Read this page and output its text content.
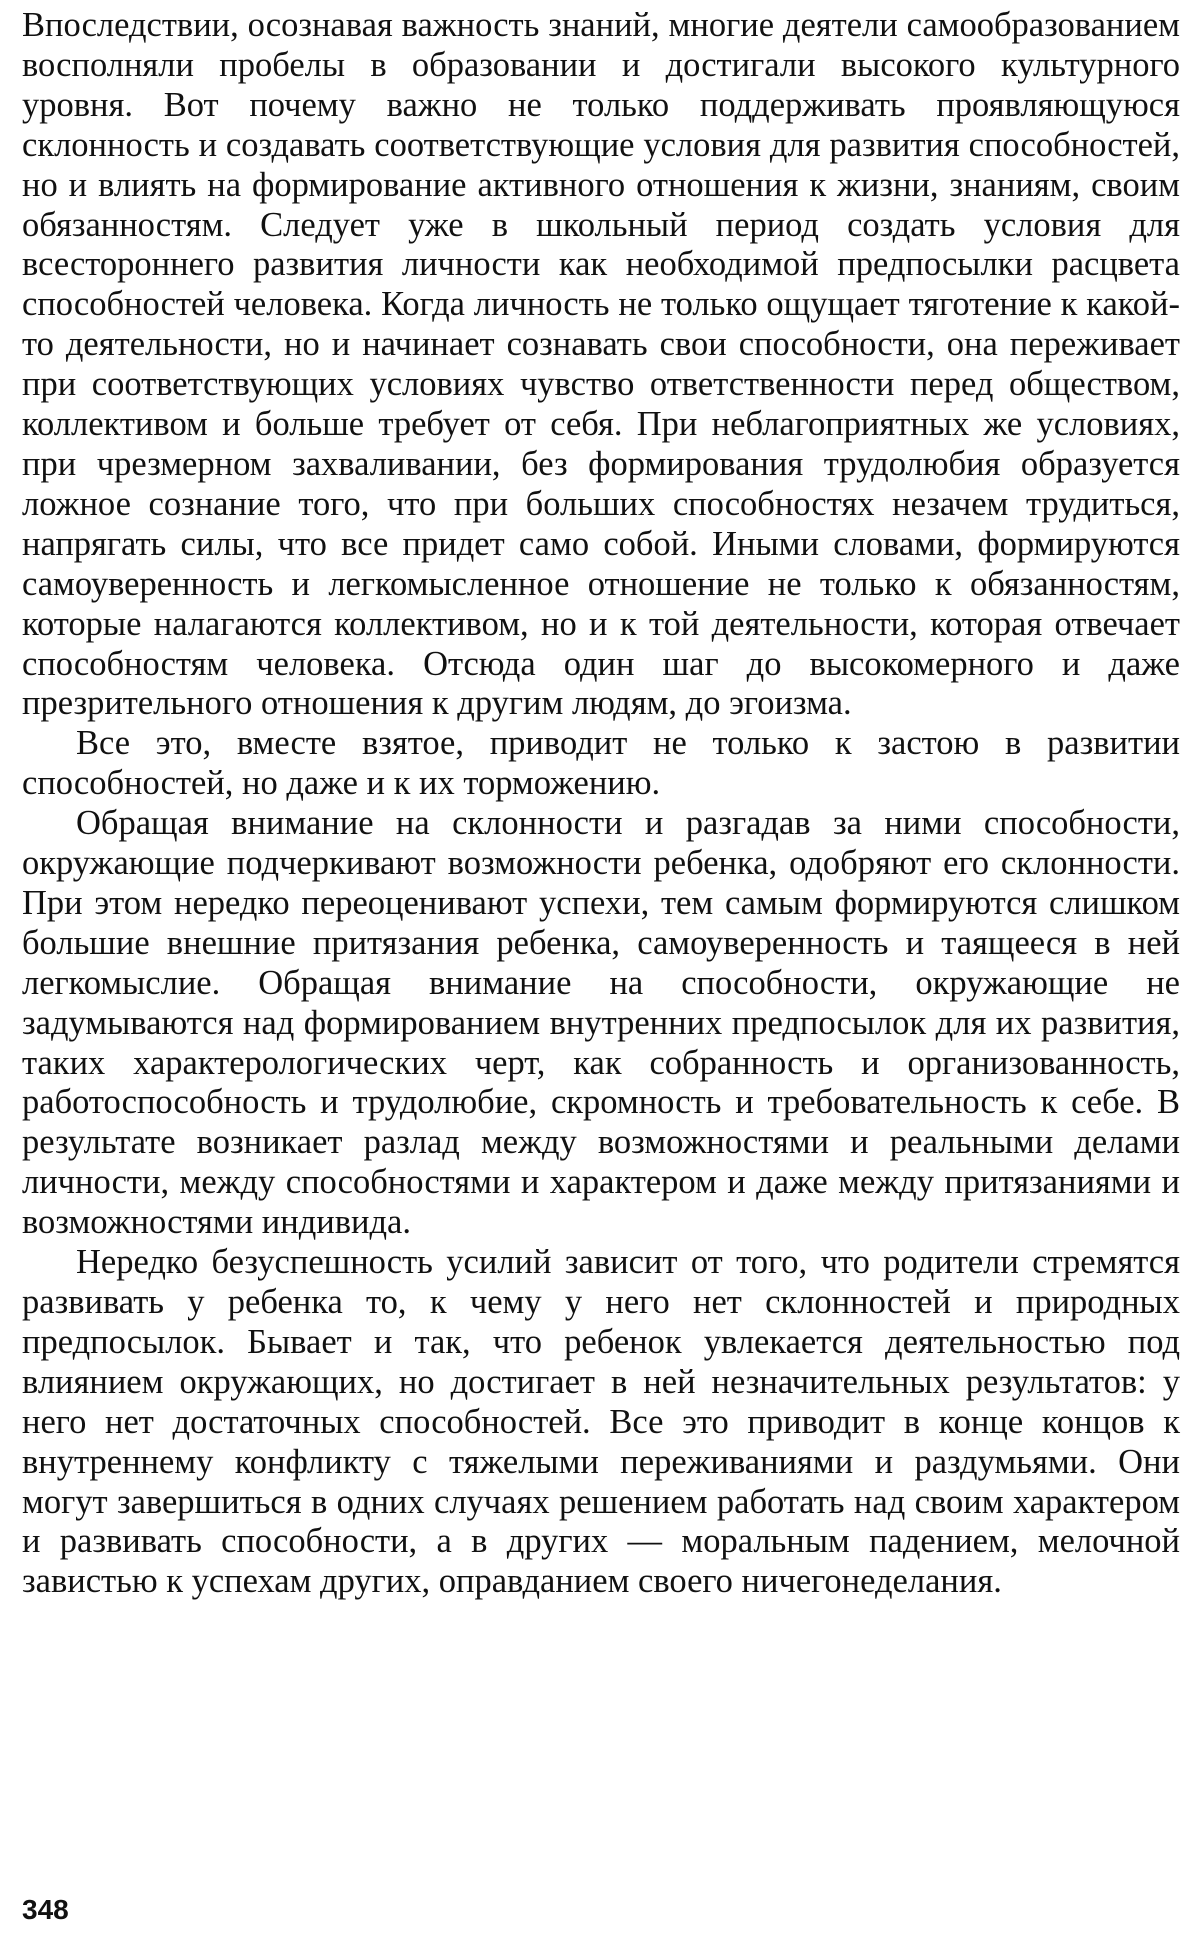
Впоследствии, осознавая важность знаний, многие деятели самообразованием восполняли пробелы в образовании и достигали высокого культурного уровня. Вот почему важно не только поддерживать проявляющуюся склонность и создавать соответствующие условия для развития способностей, но и влиять на формирование активного отношения к жизни, знаниям, своим обязанностям. Следует уже в школьный период создать условия для всестороннего развития личности как необходимой предпосылки расцвета способностей человека. Когда личность не только ощущает тяготение к какой-то деятельности, но и начинает сознавать свои способности, она переживает при соответствующих условиях чувство ответственности перед обществом, коллективом и больше требует от себя. При неблагоприятных же условиях, при чрезмерном захваливании, без формирования трудолюбия образуется ложное сознание того, что при больших способностях незачем трудиться, напрягать силы, что все придет само собой. Иными словами, формируются самоуверенность и легкомысленное отношение не только к обязанностям, которые налагаются коллективом, но и к той деятельности, которая отвечает способностям человека. Отсюда один шаг до высокомерного и даже презрительного отношения к другим людям, до эгоизма.

Все это, вместе взятое, приводит не только к застою в развитии способностей, но даже и к их торможению.

Обращая внимание на склонности и разгадав за ними способности, окружающие подчеркивают возможности ребенка, одобряют его склонности. При этом нередко переоценивают успехи, тем самым формируются слишком большие внешние притязания ребенка, самоуверенность и таящееся в ней легкомыслие. Обращая внимание на способности, окружающие не задумываются над формированием внутренних предпосылок для их развития, таких характерологических черт, как собранность и организованность, работоспособность и трудолюбие, скромность и требовательность к себе. В результате возникает разлад между возможностями и реальными делами личности, между способностями и характером и даже между притязаниями и возможностями индивида.

Нередко безуспешность усилий зависит от того, что родители стремятся развивать у ребенка то, к чему у него нет склонностей и природных предпосылок. Бывает и так, что ребенок увлекается деятельностью под влиянием окружающих, но достигает в ней незначительных результатов: у него нет достаточных способностей. Все это приводит в конце концов к внутреннему конфликту с тяжелыми переживаниями и раздумьями. Они могут завершиться в одних случаях решением работать над своим характером и развивать способности, а в других — моральным падением, мелочной завистью к успехам других, оправданием своего ничегонеделания.

348
